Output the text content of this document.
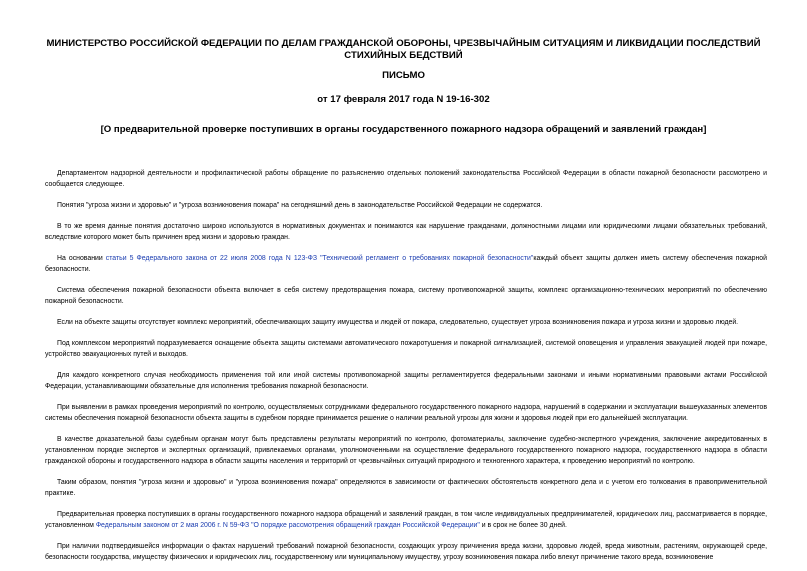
МИНИСТЕРСТВО РОССИЙСКОЙ ФЕДЕРАЦИИ ПО ДЕЛАМ ГРАЖДАНСКОЙ ОБОРОНЫ, ЧРЕЗВЫЧАЙНЫМ СИТУАЦИЯМ И ЛИКВИДАЦИИ ПОСЛЕДСТВИЙ СТИХИЙНЫХ БЕДСТВИЙ
ПИСЬМО
от 17 февраля 2017 года N 19-16-302
[О предварительной проверке поступивших в органы государственного пожарного надзора обращений и заявлений граждан]

Департаментом надзорной деятельности и профилактической работы обращение по разъяснению отдельных положений законодательства Российской Федерации в области пожарной безопасности рассмотрено и сообщается следующее.

Понятия "угроза жизни и здоровью" и "угроза возникновения пожара" на сегодняшний день в законодательстве Российской Федерации не содержатся.

В то же время данные понятия достаточно широко используются в нормативных документах и понимаются как нарушение гражданами, должностными лицами или юридическими лицами обязательных требований, вследствие которого может быть причинен вред жизни и здоровью граждан.

На основании статьи 5 Федерального закона от 22 июля 2008 года N 123-ФЗ "Технический регламент о требованиях пожарной безопасности"каждый объект защиты должен иметь систему обеспечения пожарной безопасности.

Система обеспечения пожарной безопасности объекта включает в себя систему предотвращения пожара, систему противопожарной защиты, комплекс организационно-технических мероприятий по обеспечению пожарной безопасности.

Если на объекте защиты отсутствует комплекс мероприятий, обеспечивающих защиту имущества и людей от пожара, следовательно, существует угроза возникновения пожара и угроза жизни и здоровью людей.

Под комплексом мероприятий подразумевается оснащение объекта защиты системами автоматического пожаротушения и пожарной сигнализацией, системой оповещения и управления эвакуацией людей при пожаре, устройство эвакуационных путей и выходов.

Для каждого конкретного случая необходимость применения той или иной системы противопожарной защиты регламентируется федеральными законами и иными нормативными правовыми актами Российской Федерации, устанавливающими обязательные для исполнения требования пожарной безопасности.

При выявлении в рамках проведения мероприятий по контролю, осуществляемых сотрудниками федерального государственного пожарного надзора, нарушений в содержании и эксплуатации вышеуказанных элементов системы обеспечения пожарной безопасности объекта защиты в судебном порядке принимается решение о наличии реальной угрозы для жизни и здоровья людей при его дальнейшей эксплуатации.

В качестве доказательной базы судебным органам могут быть представлены результаты мероприятий по контролю, фотоматериалы, заключение судебно-экспертного учреждения, заключение аккредитованных в установленном порядке экспертов и экспертных организаций, привлекаемых органами, уполномоченными на осуществление федерального государственного пожарного надзора, государственного надзора в области гражданской обороны и государственного надзора в области защиты населения и территорий от чрезвычайных ситуаций природного и техногенного характера, к проведению мероприятий по контролю.

Таким образом, понятия "угроза жизни и здоровью" и "угроза возникновения пожара" определяются в зависимости от фактических обстоятельств конкретного дела и с учетом его толкования в правоприменительной практике.

Предварительная проверка поступивших в органы государственного пожарного надзора обращений и заявлений граждан, в том числе индивидуальных предпринимателей, юридических лиц, рассматривается в порядке, установленном Федеральным законом от 2 мая 2006 г. N 59-ФЗ "О порядке рассмотрения обращений граждан Российской Федерации" и в срок не более 30 дней.

При наличии подтвердившейся информации о фактах нарушений требований пожарной безопасности, создающих угрозу причинения вреда жизни, здоровью людей, вреда животным, растениям, окружающей среде, безопасности государства, имуществу физических и юридических лиц, государственному или муниципальному имуществу, угрозу возникновения пожара либо влекут причинение такого вреда, возникновение
